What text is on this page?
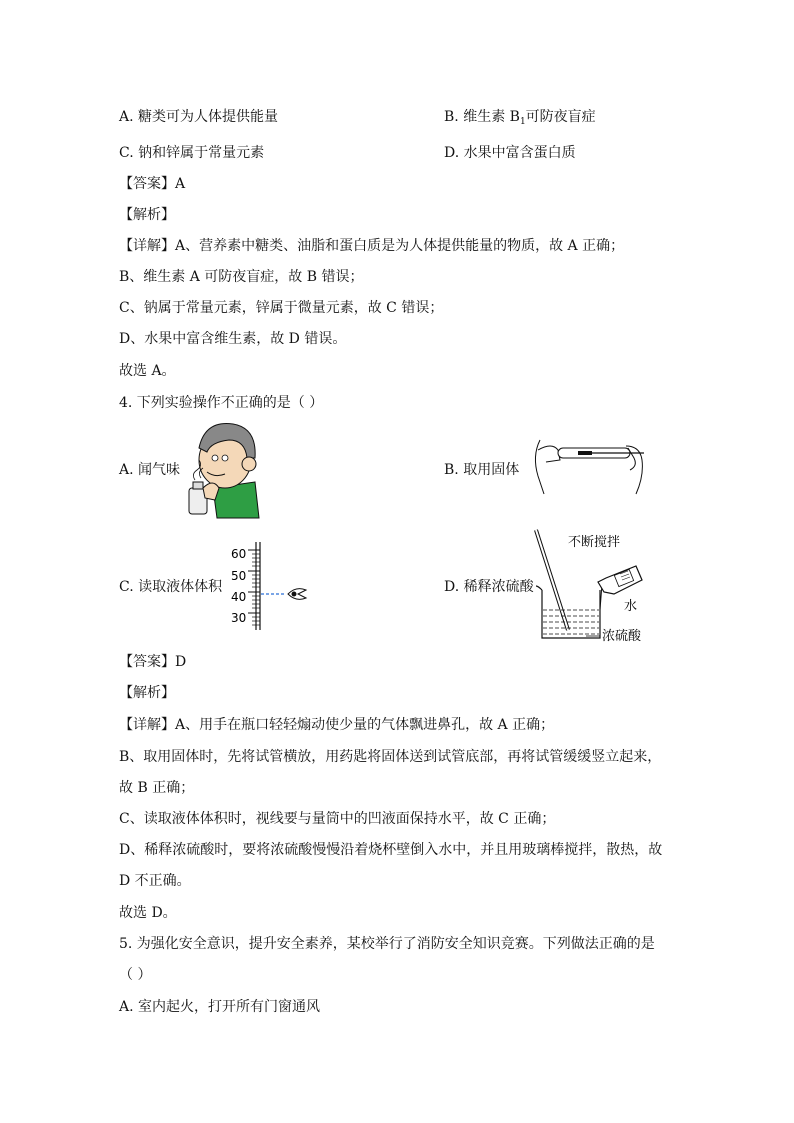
A. 糖类可为人体提供能量	B. 维生素 $B_1$可防夜盲症
C. 钠和锌属于常量元素	D. 水果中富含蛋白质
【答案】A
【解析】
【详解】A、营养素中糖类、油脂和蛋白质是为人体提供能量的物质，故 A 正确；
B、维生素 A 可防夜盲症，故 B 错误；
C、钠属于常量元素，锌属于微量元素，故 C 错误；
D、水果中富含维生素，故 D 错误。
故选 A。
4. 下列实验操作不正确的是（ ）
A. 闻气味	B. 取用固体
C. 读取液体体积
60
50
40
30
D. 稀释浓硫酸
不断搅拌
水
浓硫酸
【答案】D
【解析】
【详解】A、用手在瓶口轻轻煽动使少量的气体飘进鼻孔，故 A 正确；
B、取用固体时，先将试管横放，用药匙将固体送到试管底部，再将试管缓缓竖立起来，
故 B 正确；
C、读取液体体积时，视线要与量筒中的凹液面保持水平，故 C 正确；
D、稀释浓硫酸时，要将浓硫酸慢慢沿着烧杯壁倒入水中，并且用玻璃棒搅拌，散热，故
D 不正确。
故选 D。
5. 为强化安全意识，提升安全素养，某校举行了消防安全知识竞赛。下列做法正确的是
（ ）
A. 室内起火，打开所有门窗通风
